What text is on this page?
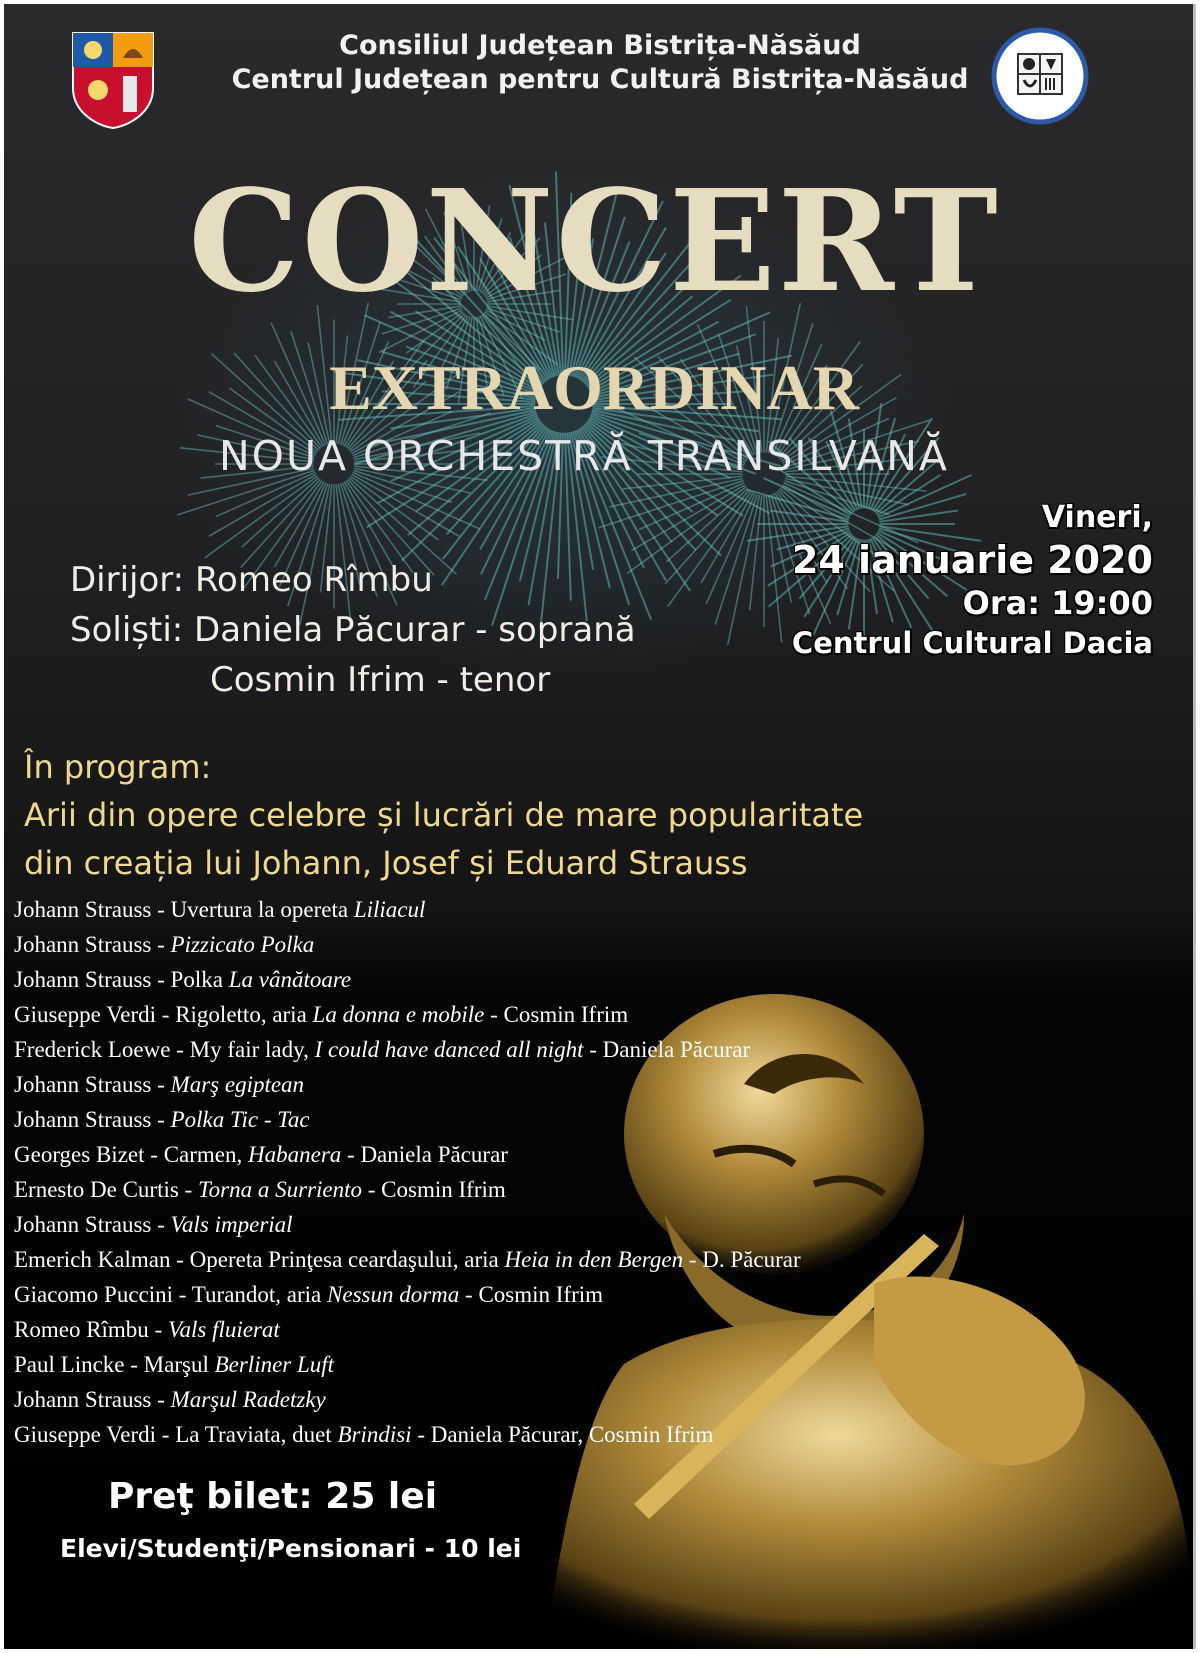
Consiliul Județean Bistrița-Năsăud
Centrul Județean pentru Cultură Bistrița-Năsăud
CONCERT
EXTRAORDINAR
NOUA ORCHESTRĂ TRANSILVANĂ
Dirijor: Romeo Rîmbu
Soliști: Daniela Păcurar - soprană
Cosmin Ifrim - tenor
Vineri,
24 ianuarie 2020
Ora: 19:00
Centrul Cultural Dacia
În program:
Arii din opere celebre și lucrări de mare popularitate
din creația lui Johann, Josef și Eduard Strauss
Johann Strauss - Uvertura la opereta Liliacul
Johann Strauss - Pizzicato Polka
Johann Strauss - Polka La vânătoare
Giuseppe Verdi - Rigoletto, aria La donna e mobile - Cosmin Ifrim
Frederick Loewe - My fair lady, I could have danced all night - Daniela Păcurar
Johann Strauss - Marş egiptean
Johann Strauss - Polka Tic - Tac
Georges Bizet - Carmen, Habanera - Daniela Păcurar
Ernesto De Curtis - Torna a Surriento - Cosmin Ifrim
Johann Strauss - Vals imperial
Emerich Kalman - Opereta Prinţesa ceardaşului, aria Heia in den Bergen - D. Păcurar
Giacomo Puccini - Turandot, aria Nessun dorma - Cosmin Ifrim
Romeo Rîmbu - Vals fluierat
Paul Lincke - Marşul Berliner Luft
Johann Strauss - Marşul Radetzky
Giuseppe Verdi - La Traviata, duet Brindisi - Daniela Păcurar, Cosmin Ifrim
Preţ bilet: 25 lei
Elevi/Studenţi/Pensionari - 10 lei
